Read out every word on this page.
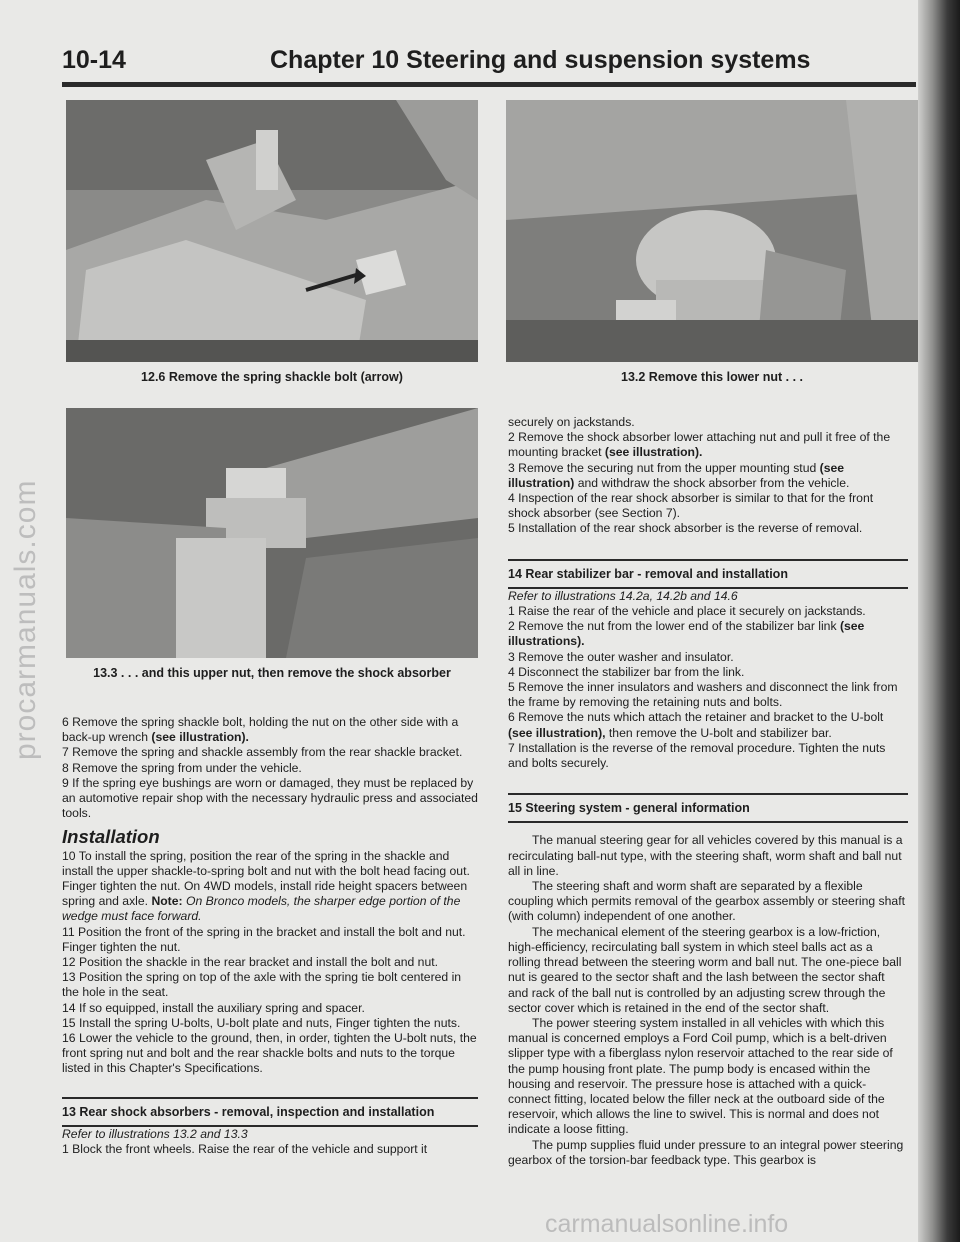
procarmanuals.com
10-14	Chapter 10 Steering and suspension systems
12.6 Remove the spring shackle bolt (arrow)	13.2 Remove this lower nut . . .
13.3 . . . and this upper nut, then remove the shock absorber

6 Remove the spring shackle bolt, holding the nut on the other side with a back-up wrench (see illustration).

7 Remove the spring and shackle assembly from the rear shackle bracket.

8 Remove the spring from under the vehicle.

9 If the spring eye bushings are worn or damaged, they must be replaced by an automotive repair shop with the necessary hydraulic press and associated tools.

Installation

10 To install the spring, position the rear of the spring in the shackle and install the upper shackle-to-spring bolt and nut with the bolt head facing out. Finger tighten the nut. On 4WD models, install ride height spacers between spring and axle. Note: On Bronco models, the sharper edge portion of the wedge must face forward.

11 Position the front of the spring in the bracket and install the bolt and nut. Finger tighten the nut.

12 Position the shackle in the rear bracket and install the bolt and nut.

13 Position the spring on top of the axle with the spring tie bolt centered in the hole in the seat.

14 If so equipped, install the auxiliary spring and spacer.

15 Install the spring U-bolts, U-bolt plate and nuts, Finger tighten the nuts.

16 Lower the vehicle to the ground, then, in order, tighten the U-bolt nuts, the front spring nut and bolt and the rear shackle bolts and nuts to the torque listed in this Chapter's Specifications.

13 Rear shock absorbers - removal, inspection and installation

Refer to illustrations 13.2 and 13.3

1 Block the front wheels. Raise the rear of the vehicle and support it

securely on jackstands.

2 Remove the shock absorber lower attaching nut and pull it free of the mounting bracket (see illustration).

3 Remove the securing nut from the upper mounting stud (see illustration) and withdraw the shock absorber from the vehicle.

4 Inspection of the rear shock absorber is similar to that for the front shock absorber (see Section 7).

5 Installation of the rear shock absorber is the reverse of removal.

14 Rear stabilizer bar - removal and installation

Refer to illustrations 14.2a, 14.2b and 14.6

1 Raise the rear of the vehicle and place it securely on jackstands.

2 Remove the nut from the lower end of the stabilizer bar link (see illustrations).

3 Remove the outer washer and insulator.

4 Disconnect the stabilizer bar from the link.

5 Remove the inner insulators and washers and disconnect the link from the frame by removing the retaining nuts and bolts.

6 Remove the nuts which attach the retainer and bracket to the U-bolt (see illustration), then remove the U-bolt and stabilizer bar.

7 Installation is the reverse of the removal procedure. Tighten the nuts and bolts securely.

15 Steering system - general information

The manual steering gear for all vehicles covered by this manual is a recirculating ball-nut type, with the steering shaft, worm shaft and ball nut all in line.

The steering shaft and worm shaft are separated by a flexible coupling which permits removal of the gearbox assembly or steering shaft (with column) independent of one another.

The mechanical element of the steering gearbox is a low-friction, high-efficiency, recirculating ball system in which steel balls act as a rolling thread between the steering worm and ball nut. The one-piece ball nut is geared to the sector shaft and the lash between the sector shaft and rack of the ball nut is controlled by an adjusting screw through the sector cover which is retained in the end of the sector shaft.

The power steering system installed in all vehicles with which this manual is concerned employs a Ford Coil pump, which is a belt-driven slipper type with a fiberglass nylon reservoir attached to the rear side of the pump housing front plate. The pump body is encased within the housing and reservoir. The pressure hose is attached with a quick-connect fitting, located below the filler neck at the outboard side of the reservoir, which allows the line to swivel. This is normal and does not indicate a loose fitting.

The pump supplies fluid under pressure to an integral power steering gearbox of the torsion-bar feedback type. This gearbox is

carmanualsonline.info
